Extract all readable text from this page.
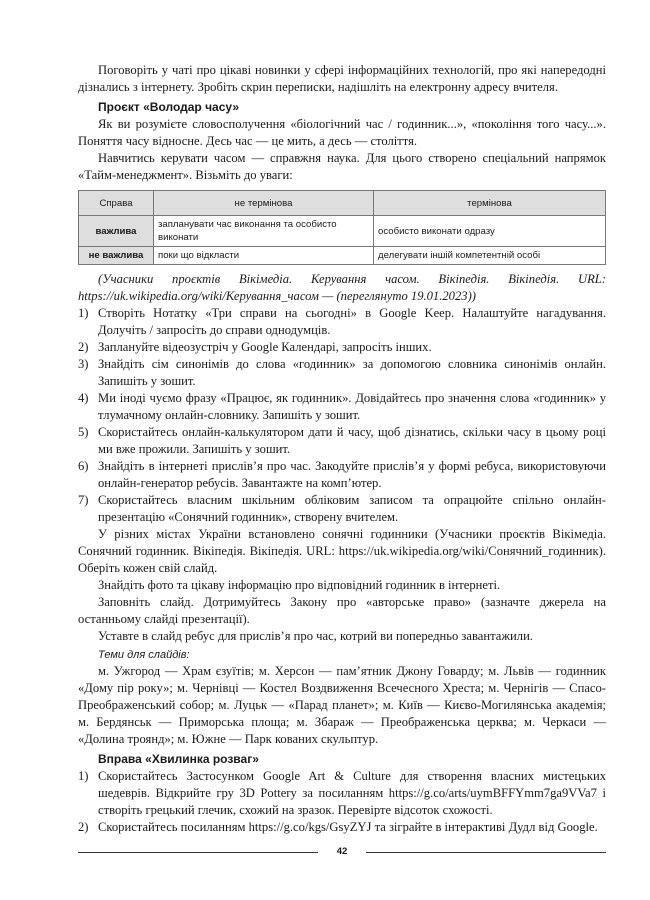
Поговоріть у чаті про цікаві новинки у сфері інформаційних технологій, про які напередодні дізнались з інтернету. Зробіть скрин переписки, надішліть на електронну адресу вчителя.

Проєкт «Володар часу»

Як ви розумієте словосполучення «біологічний час / годинник...», «покоління того часу...». Поняття часу відносне. Десь час — це мить, а десь — століття.

Навчитись керувати часом — справжня наука. Для цього створено спеціальний напрямок «Тайм-менеджмент». Візьміть до уваги:

Справа	не термінова	термінова
важлива	запланувати час виконання та особисто виконати	особисто виконати одразу
не важлива	поки що відкласти	делегувати іншій компетентній особі

(Учасники проєктів Вікімедіа. Керування часом. Вікіпедія. Вікіпедія. URL: https://uk.wikipedia.org/wiki/Керування_часом — (переглянуто 19.01.2023))

1) Створіть Нотатку «Три справи на сьогодні» в Google Keep. Налаштуйте нагадування. Долучіть / запросіть до справи однодумців.
2) Заплануйте відеозустріч у Google Календарі, запросіть інших.
3) Знайдіть сім синонімів до слова «годинник» за допомогою словника синонімів онлайн. Запишіть у зошит.
4) Ми іноді чуємо фразу «Працює, як годинник». Довідайтесь про значення слова «годинник» у тлумачному онлайн-словнику. Запишіть у зошит.
5) Скористайтесь онлайн-калькулятором дати й часу, щоб дізнатись, скільки часу в цьому році ми вже прожили. Запишіть у зошит.
6) Знайдіть в інтернеті прислів’я про час. Закодуйте прислів’я у формі ребуса, використовуючи онлайн-генератор ребусів. Завантажте на комп’ютер.
7) Скористайтесь власним шкільним обліковим записом та опрацюйте спільно онлайн-презентацію «Сонячний годинник», створену вчителем.

У різних містах України встановлено сонячні годинники (Учасники проєктів Вікімедіа. Сонячний годинник. Вікіпедія. Вікіпедія. URL: https://uk.wikipedia.org/wiki/Сонячний_годинник). Оберіть кожен свій слайд.

Знайдіть фото та цікаву інформацію про відповідний годинник в інтернеті.

Заповніть слайд. Дотримуйтесь Закону про «авторське право» (зазначте джерела на останньому слайді презентації).

Уставте в слайд ребус для прислів’я про час, котрий ви попередньо завантажили.

Теми для слайдів:

м. Ужгород — Храм єзуїтів; м. Херсон — пам’ятник Джону Говарду; м. Львів — годинник «Дому пір року»; м. Чернівці — Костел Воздвиження Всечесного Хреста; м. Чернігів — Спасо-Преображенський собор; м. Луцьк — «Парад планет»; м. Київ — Києво-Могилянська академія; м. Бердянськ — Приморська площа; м. Збараж — Преображенська церква; м. Черкаси — «Долина троянд»; м. Южне — Парк кованих скульптур.

Вправа «Хвилинка розваг»

1) Скористайтесь Застосунком Google Art & Culture для створення власних мистецьких шедеврів. Відкрийте гру 3D Pottery за посиланням https://g.co/arts/uymBFFYmm7ga9VVa7 і створіть грецький глечик, схожий на зразок. Перевірте відсоток схожості.
2) Скористайтесь посиланням https://g.co/kgs/GsyZYJ та зіграйте в інтерактиві Дудл від Google.
42
